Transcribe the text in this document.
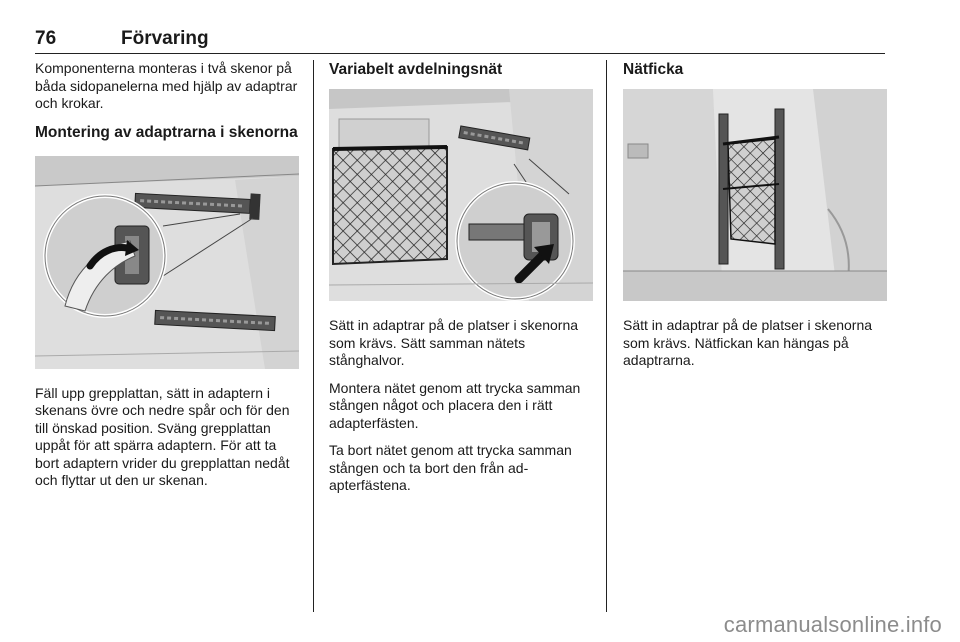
76	Förvaring

Komponenterna monteras i två skenor på båda sidopanelerna med hjälp av adaptrar och krokar.

Montering av adaptrarna i skenorna

Fäll upp grepplattan, sätt in adaptern i skenans övre och nedre spår och för den till önskad position. Sväng grepplattan uppåt för att spärra adaptern. För att ta bort adaptern vrider du grepplattan nedåt och flyttar ut den ur skenan.

Variabelt avdelningsnät

Sätt in adaptrar på de platser i skenorna som krävs. Sätt samman nätets stånghalvor.

Montera nätet genom att trycka samman stången något och placera den i rätt adapterfästen.

Ta bort nätet genom att trycka samman stången och ta bort den från adapterfästena.

Nätficka

Sätt in adaptrar på de platser i skenorna som krävs. Nätfickan kan hängas på adaptrarna.

carmanualsonline.info
